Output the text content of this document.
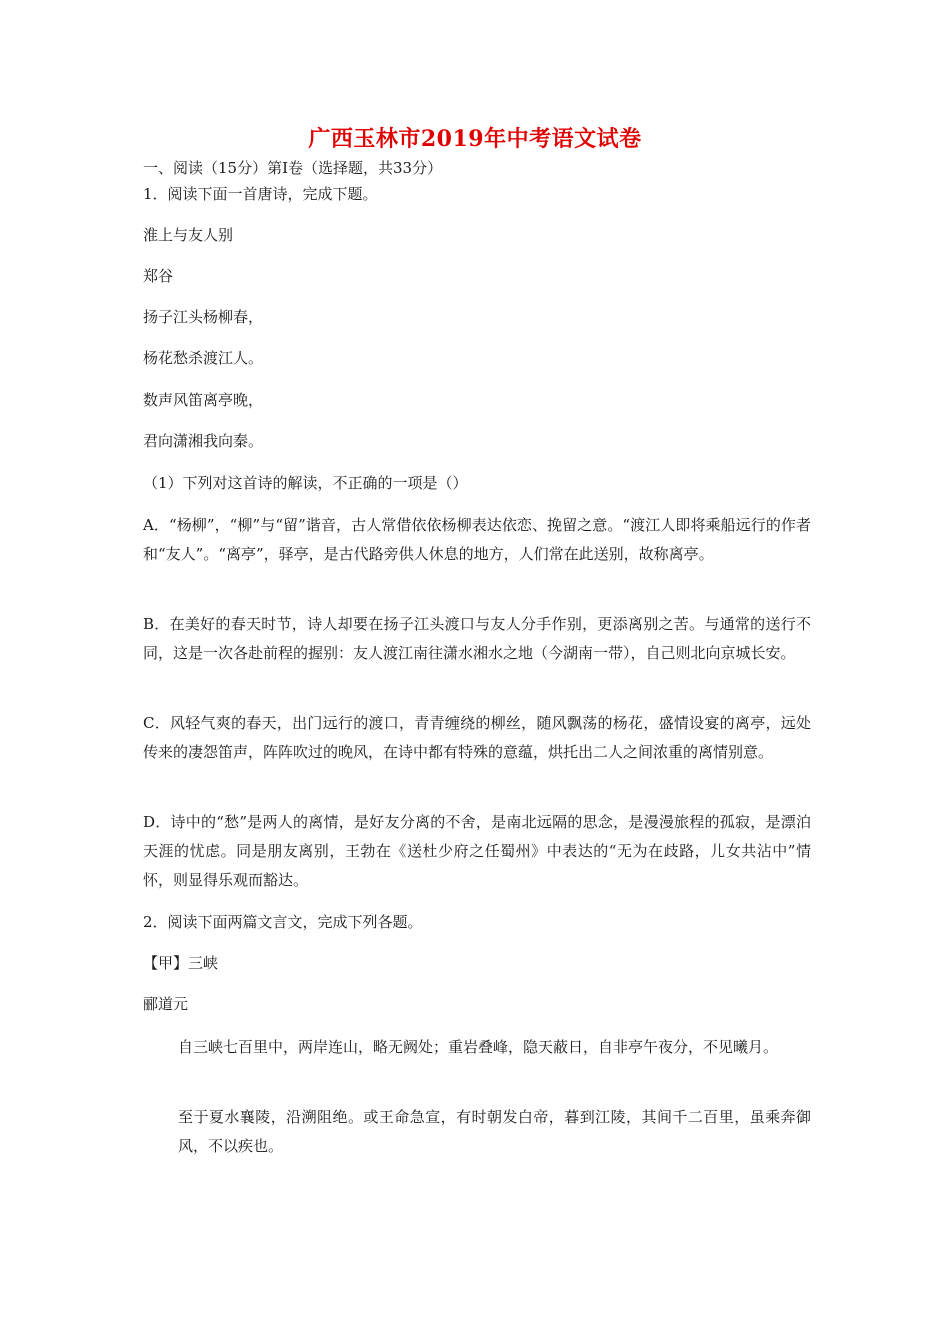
广西玉林市2019年中考语文试卷
一、阅读（15分）第Ⅰ卷（选择题，共33分）
1．阅读下面一首唐诗，完成下题。
淮上与友人别
郑谷
扬子江头杨柳春，
杨花愁杀渡江人。
数声风笛离亭晚，
君向潇湘我向秦。
（1）下列对这首诗的解读，不正确的一项是（）
A．“杨柳”，“柳”与“留”谐音，古人常借依依杨柳表达依恋、挽留之意。“渡江人即将乘船远行的作者和“友人”。“离亭”，驿亭，是古代路旁供人休息的地方，人们常在此送别，故称离亭。
B．在美好的春天时节，诗人却要在扬子江头渡口与友人分手作别，更添离别之苦。与通常的送行不同，这是一次各赴前程的握别：友人渡江南往潇水湘水之地（今湖南一带），自己则北向京城长安。
C．风轻气爽的春天，出门远行的渡口，青青缠绕的柳丝，随风飘荡的杨花，盛情设宴的离亭，远处传来的凄怨笛声，阵阵吹过的晚风，在诗中都有特殊的意蕴，烘托出二人之间浓重的离情别意。
D．诗中的“愁”是两人的离情，是好友分离的不舍，是南北远隔的思念，是漫漫旅程的孤寂，是漂泊天涯的忧虑。同是朋友离别，王勃在《送杜少府之任蜀州》中表达的“无为在歧路，儿女共沾中”情怀，则显得乐观而豁达。
2．阅读下面两篇文言文，完成下列各题。
【甲】三峡
郦道元
自三峡七百里中，两岸连山，略无阙处；重岩叠峰，隐天蔽日，自非亭午夜分，不见曦月。
至于夏水襄陵，沿溯阻绝。或王命急宣，有时朝发白帝，暮到江陵，其间千二百里，虽乘奔御风，不以疾也。
